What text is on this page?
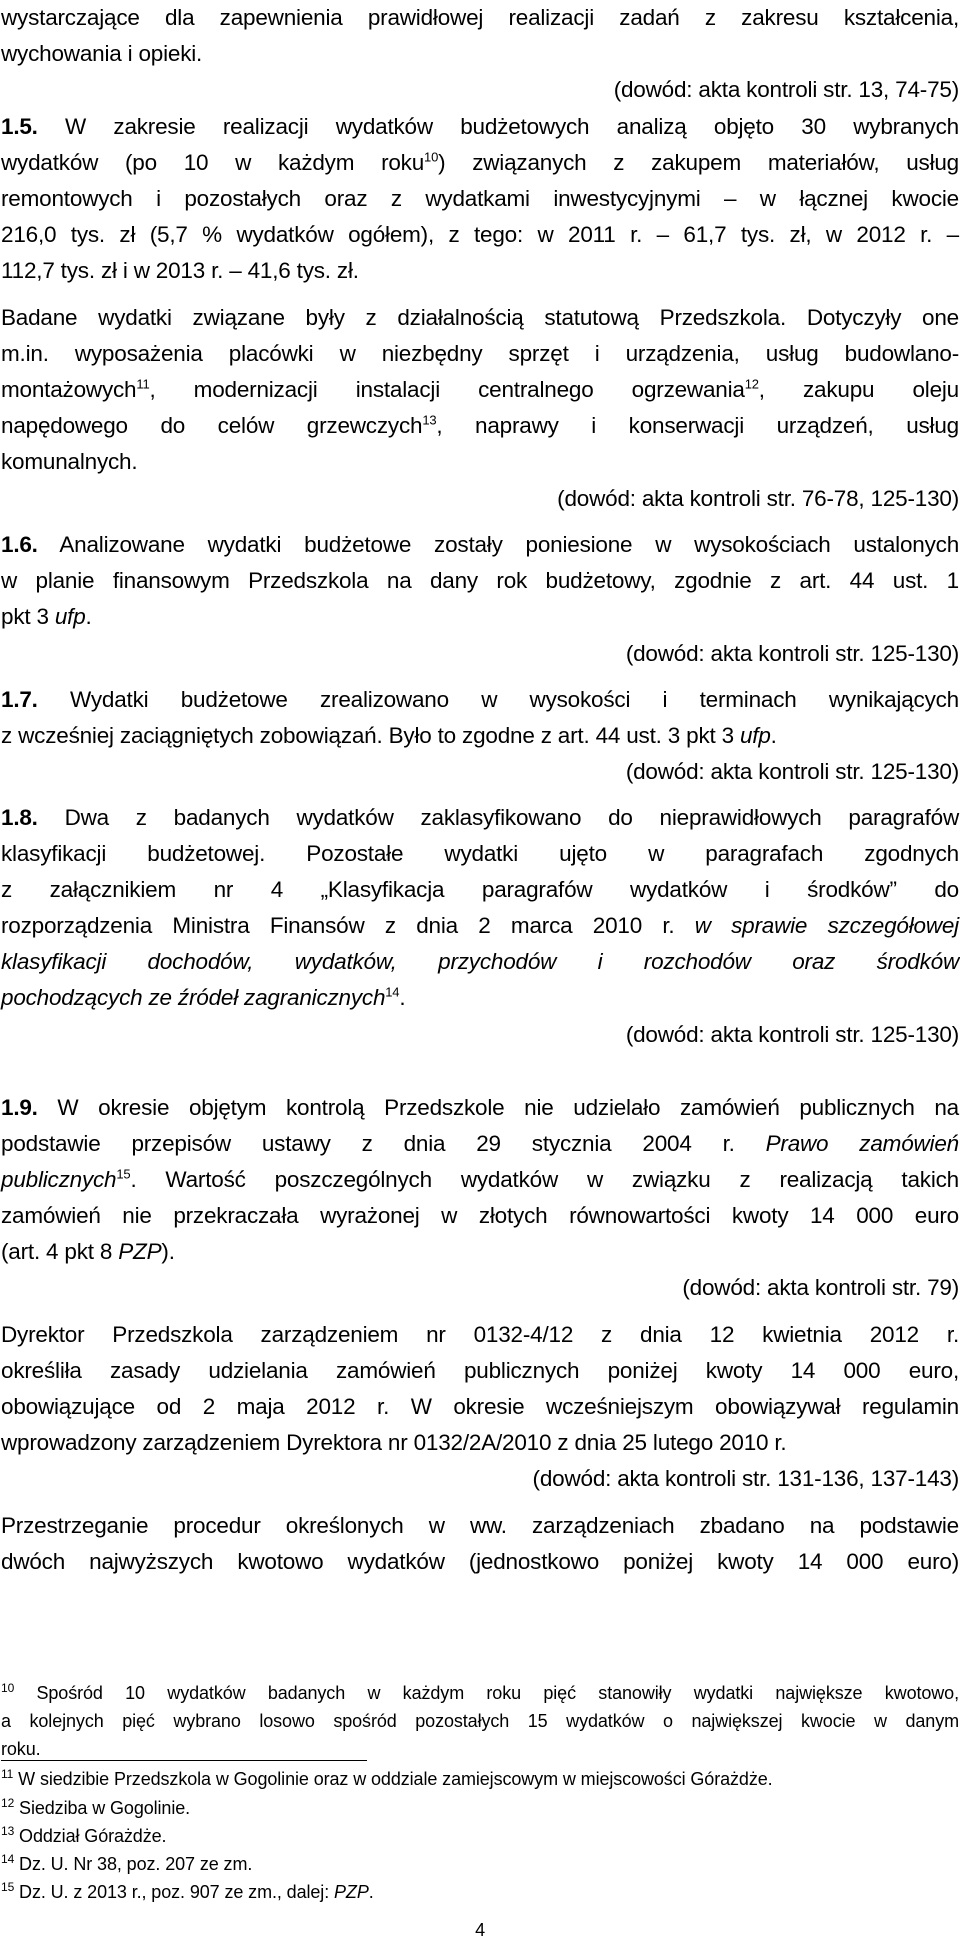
wystarczające dla zapewnienia prawidłowej realizacji zadań z zakresu kształcenia,
wychowania i opieki.
(dowód: akta kontroli str. 13, 74-75)
1.5. W zakresie realizacji wydatków budżetowych analizą objęto 30 wybranych
wydatków (po 10 w każdym roku$^{10}$) związanych z zakupem materiałów, usług
remontowych i pozostałych oraz z wydatkami inwestycyjnymi – w łącznej kwocie
216,0 tys. zł (5,7 % wydatków ogółem), z tego: w 2011 r. – 61,7 tys. zł, w 2012 r. –
112,7 tys. zł i w 2013 r. – 41,6 tys. zł.
Badane wydatki związane były z działalnością statutową Przedszkola. Dotyczyły one
m.in. wyposażenia placówki w niezbędny sprzęt i urządzenia, usług budowlano-
montażowych$^{11}$, modernizacji instalacji centralnego ogrzewania$^{12}$, zakupu oleju
napędowego do celów grzewczych$^{13}$, naprawy i konserwacji urządzeń, usług
komunalnych.
(dowód: akta kontroli str. 76-78, 125-130)
1.6. Analizowane wydatki budżetowe zostały poniesione w wysokościach ustalonych
w planie finansowym Przedszkola na dany rok budżetowy, zgodnie z art. 44 ust. 1
pkt 3 ufp.
(dowód: akta kontroli str. 125-130)
1.7. Wydatki budżetowe zrealizowano w wysokości i terminach wynikających
z wcześniej zaciągniętych zobowiązań. Było to zgodne z art. 44 ust. 3 pkt 3 ufp.
(dowód: akta kontroli str. 125-130)
1.8. Dwa z badanych wydatków zaklasyfikowano do nieprawidłowych paragrafów
klasyfikacji budżetowej. Pozostałe wydatki ujęto w paragrafach zgodnych
z załącznikiem nr 4 „Klasyfikacja paragrafów wydatków i środków” do
rozporządzenia Ministra Finansów z dnia 2 marca 2010 r. w sprawie szczegółowej
klasyfikacji dochodów, wydatków, przychodów i rozchodów oraz środków
pochodzących ze źródeł zagranicznych$^{14}$.
(dowód: akta kontroli str. 125-130)
1.9. W okresie objętym kontrolą Przedszkole nie udzielało zamówień publicznych na
podstawie przepisów ustawy z dnia 29 stycznia 2004 r. Prawo zamówień
publicznych$^{15}$. Wartość poszczególnych wydatków w związku z realizacją takich
zamówień nie przekraczała wyrażonej w złotych równowartości kwoty 14 000 euro
(art. 4 pkt 8 PZP).
(dowód: akta kontroli str. 79)
Dyrektor Przedszkola zarządzeniem nr 0132-4/12 z dnia 12 kwietnia 2012 r.
określiła zasady udzielania zamówień publicznych poniżej kwoty 14 000 euro,
obowiązujące od 2 maja 2012 r. W okresie wcześniejszym obowiązywał regulamin
wprowadzony zarządzeniem Dyrektora nr 0132/2A/2010 z dnia 25 lutego 2010 r.
(dowód: akta kontroli str. 131-136, 137-143)
Przestrzeganie procedur określonych w ww. zarządzeniach zbadano na podstawie
dwóch najwyższych kwotowo wydatków (jednostkowo poniżej kwoty 14 000 euro)
$^{10}$ Spośród 10 wydatków badanych w każdym roku pięć stanowiły wydatki największe kwotowo,
a kolejnych pięć wybrano losowo spośród pozostałych 15 wydatków o największej kwocie w danym
roku.
$^{11}$ W siedzibie Przedszkola w Gogolinie oraz w oddziale zamiejscowym w miejscowości Górażdże.
$^{12}$ Siedziba w Gogolinie.
$^{13}$ Oddział Górażdże.
$^{14}$ Dz. U. Nr 38, poz. 207 ze zm.
$^{15}$ Dz. U. z 2013 r., poz. 907 ze zm., dalej: PZP.
4
